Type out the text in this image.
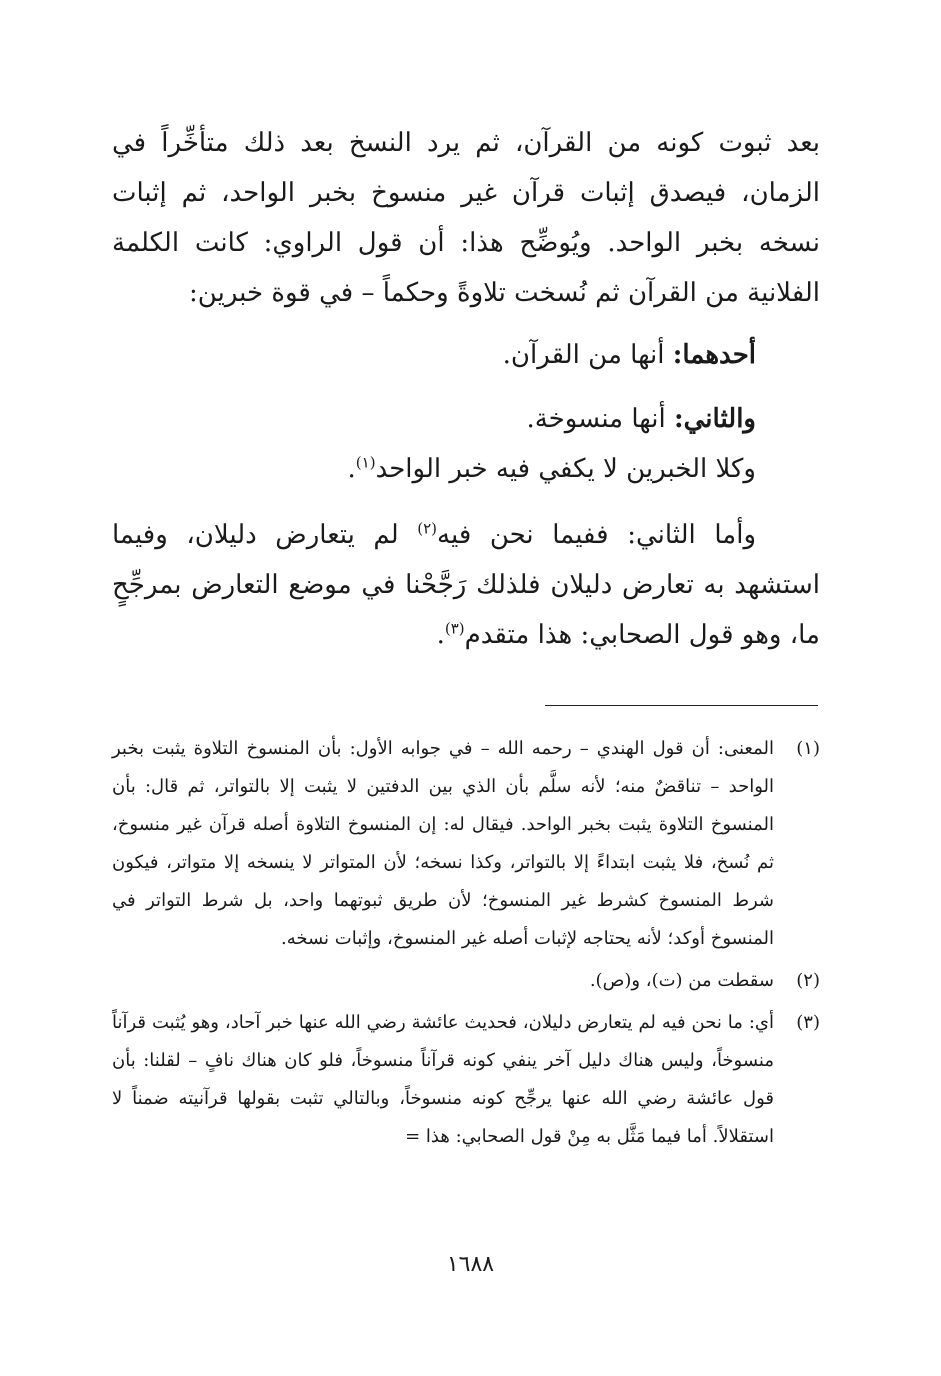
بعد ثبوت كونه من القرآن، ثم يرد النسخ بعد ذلك متأخِّراً في الزمان، فيصدق إثبات قرآن غير منسوخ بخبر الواحد، ثم إثبات نسخه بخبر الواحد. ويُوضِّح هذا: أن قول الراوي: كانت الكلمة الفلانية من القرآن ثم نُسخت تلاوةً وحكماً – في قوة خبرين:

أحدهما: أنها من القرآن.

والثاني: أنها منسوخة.

وكلا الخبرين لا يكفي فيه خبر الواحد$^{(١)}$.

وأما الثاني: ففيما نحن فيه$^{(٢)}$ لم يتعارض دليلان، وفيما استشهد به تعارض دليلان فلذلك رَجَّحْنا في موضع التعارض بمرجِّحٍ ما، وهو قول الصحابي: هذا متقدم$^{(٣)}$.

(١)
المعنى: أن قول الهندي – رحمه الله – في جوابه الأول: بأن المنسوخ التلاوة يثبت بخبر الواحد – تناقضٌ منه؛ لأنه سلَّم بأن الذي بين الدفتين لا يثبت إلا بالتواتر، ثم قال: بأن المنسوخ التلاوة يثبت بخبر الواحد. فيقال له: إن المنسوخ التلاوة أصله قرآن غير منسوخ، ثم نُسخ، فلا يثبت ابتداءً إلا بالتواتر، وكذا نسخه؛ لأن المتواتر لا ينسخه إلا متواتر، فيكون شرط المنسوخ كشرط غير المنسوخ؛ لأن طريق ثبوتهما واحد، بل شرط التواتر في المنسوخ أوكد؛ لأنه يحتاجه لإثبات أصله غير المنسوخ، وإثبات نسخه.
(٢)
سقطت من (ت)، و(ص).
(٣)
أي: ما نحن فيه لم يتعارض دليلان، فحديث عائشة رضي الله عنها خبر آحاد، وهو يُثبت قرآناً منسوخاً، وليس هناك دليل آخر ينفي كونه قرآناً منسوخاً، فلو كان هناك نافٍ – لقلنا: بأن قول عائشة رضي الله عنها يرجِّح كونه منسوخاً، وبالتالي تثبت بقولها قرآنيته ضمناً لا استقلالاً. أما فيما مَثَّل به مِنْ قول الصحابي: هذا =
١٦٨٨
